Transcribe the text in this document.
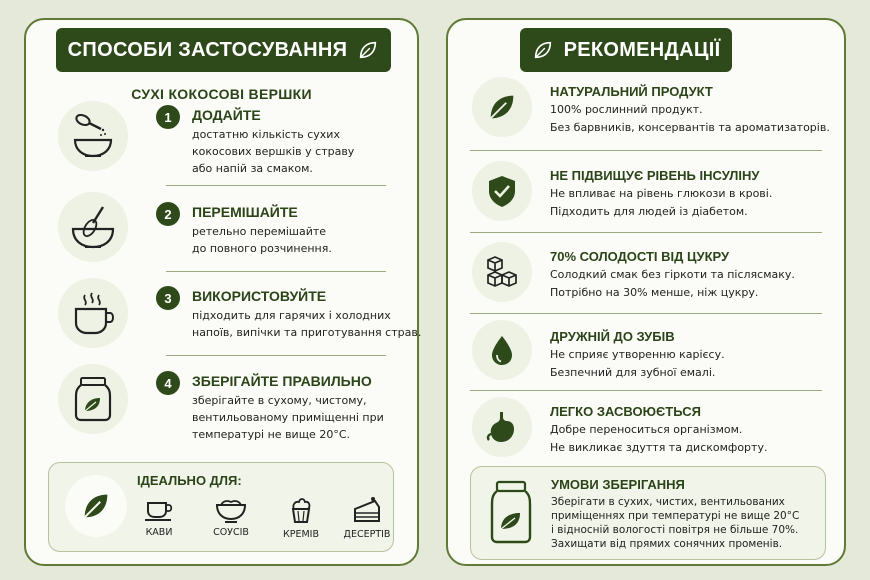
СПОСОБИ ЗАСТОСУВАННЯ
СУХІ КОКОСОВІ ВЕРШКИ
1	ДОДАЙТЕ
достатню кількість сухих
кокосових вершків у страву
або напій за смаком.
2	ПЕРЕМІШАЙТЕ
ретельно перемішайте
до повного розчинення.
3	ВИКОРИСТОВУЙТЕ
підходить для гарячих і холодних
напоїв, випічки та приготування страв.
4	ЗБЕРІГАЙТЕ ПРАВИЛЬНО
зберігайте в сухому, чистому,
вентильованому приміщенні при
температурі не вище 20°C.
ІДЕАЛЬНО ДЛЯ:
КАВИ	СОУСІВ	КРЕМІВ	ДЕСЕРТІВ
РЕКОМЕНДАЦІЇ
НАТУРАЛЬНИЙ ПРОДУКТ
100% рослинний продукт.
Без барвників, консервантів та ароматизаторів.
НЕ ПІДВИЩУЄ РІВЕНЬ ІНСУЛІНУ
Не впливає на рівень глюкози в крові.
Підходить для людей із діабетом.
70% СОЛОДОСТІ ВІД ЦУКРУ
Солодкий смак без гіркоти та післясмаку.
Потрібно на 30% менше, ніж цукру.
ДРУЖНІЙ ДО ЗУБІВ
Не сприяє утворенню карієсу.
Безпечний для зубної емалі.
ЛЕГКО ЗАСВОЮЄТЬСЯ
Добре переноситься організмом.
Не викликає здуття та дискомфорту.
УМОВИ ЗБЕРІГАННЯ
Зберігати в сухих, чистих, вентильованих
приміщеннях при температурі не вище 20°C
і відносній вологості повітря не більше 70%.
Захищати від прямих сонячних променів.
